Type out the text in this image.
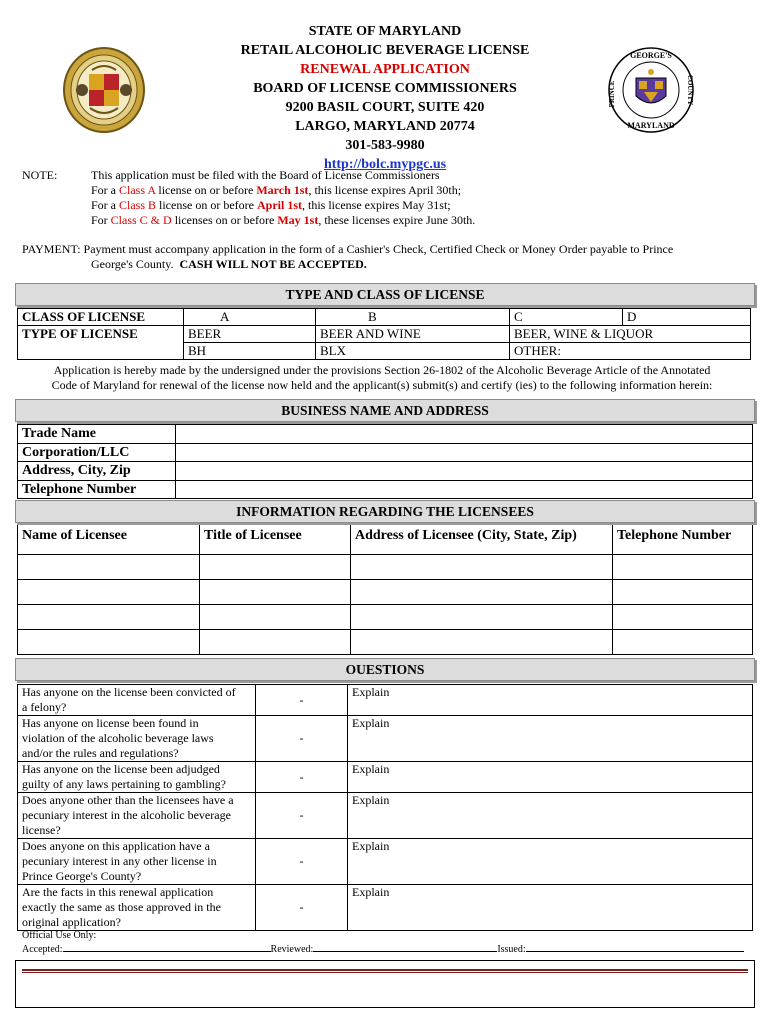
GEORGE'S
PRINCE	COUNTY
MARYLAND
STATE OF MARYLAND
RETAIL ALCOHOLIC BEVERAGE LICENSE
RENEWAL APPLICATION
BOARD OF LICENSE COMMISSIONERS
9200 BASIL COURT, SUITE 420
LARGO, MARYLAND 20774
301-583-9980
http://bolc.mypgc.us
NOTE:	This application must be filed with the Board of License Commissioners
For a Class A license on or before March 1st, this license expires April 30th;
For a Class B license on or before April 1st, this license expires May 31st;
For Class C & D licenses on or before May 1st, these licenses expire June 30th.
PAYMENT: Payment must accompany application in the form of a Cashier's Check, Certified Check or Money Order payable to Prince
George's County. CASH WILL NOT BE ACCEPTED.
TYPE AND CLASS OF LICENSE
CLASS OF LICENSE	A	B	C	D
TYPE OF LICENSE	BEER	BEER AND WINE	BEER, WINE & LIQUOR	
	BH	BLX	OTHER:	
Application is hereby made by the undersigned under the provisions Section 26-1802 of the Alcoholic Beverage Article of the Annotated
Code of Maryland for renewal of the license now held and the applicant(s) submit(s) and certify (ies) to the following information herein:
BUSINESS NAME AND ADDRESS
Trade Name	
Corporation/LLC	
Address, City, Zip	
Telephone Number	
INFORMATION REGARDING THE LICENSEES
Name of Licensee	Title of Licensee	Address of Licensee (City, State, Zip)	Telephone Number

OUESTIONS
Has anyone on the license been convicted of
a felony?	-	Explain

Has anyone on license been found in
violation of the alcoholic beverage laws
and/or the rules and regulations?	-	Explain

Has anyone on the license been adjudged
guilty of any laws pertaining to gambling?	-	Explain

Does anyone other than the licensees have a
pecuniary interest in the alcoholic beverage
license?	-	Explain

Does anyone on this application have a
pecuniary interest in any other license in
Prince George's County?	-	Explain

Are the facts in this renewal application
exactly the same as those approved in the
original application?	-	Explain
Official Use Only:
Accepted:	Reviewed:	Issued:
